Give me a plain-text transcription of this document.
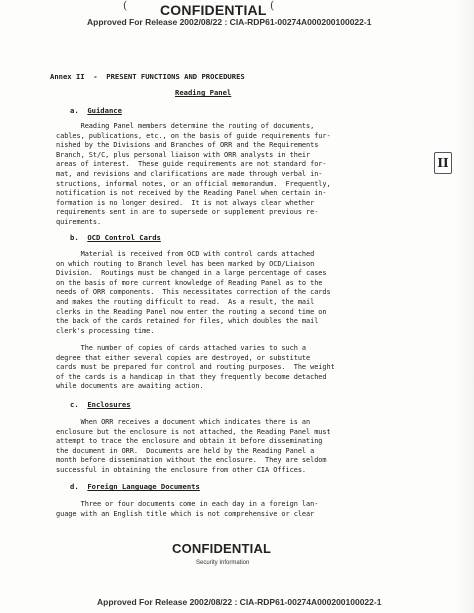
(	(
CONFIDENTIAL
Approved For Release 2002/08/22 : CIA-RDP61-00274A000200100022-1
Annex II  -  PRESENT FUNCTIONS AND PROCEDURES
Reading Panel
a. Guidance
Reading Panel members determine the routing of documents,
cables, publications, etc., on the basis of guide requirements fur-
nished by the Divisions and Branches of ORR and the Requirements
Branch, St/C, plus personal liaison with ORR analysts in their
areas of interest.  These guide requirements are not standard for-
mat, and revisions and clarifications are made through verbal in-
structions, informal notes, or an official memorandum.  Frequently,
notification is not received by the Reading Panel when certain in-
formation is no longer desired.  It is not always clear whether
requirements sent in are to supersede or supplement previous re-
quirements.
II
b. OCD Control Cards
Material is received from OCD with control cards attached
on which routing to Branch level has been marked by OCD/Liaison
Division.  Routings must be changed in a large percentage of cases
on the basis of more current knowledge of Reading Panel as to the
needs of ORR components.  This necessitates correction of the cards
and makes the routing difficult to read.  As a result, the mail
clerks in the Reading Panel now enter the routing a second time on
the back of the cards retained for files, which doubles the mail
clerk's processing time.
The number of copies of cards attached varies to such a
degree that either several copies are destroyed, or substitute
cards must be prepared for control and routing purposes.  The weight
of the cards is a handicap in that they frequently become detached
while documents are awaiting action.
c. Enclosures
When ORR receives a document which indicates there is an
enclosure but the enclosure is not attached, the Reading Panel must
attempt to trace the enclosure and obtain it before disseminating
the document in ORR.  Documents are held by the Reading Panel a
month before dissemination without the enclosure.  They are seldom
successful in obtaining the enclosure from other CIA Offices.
d. Foreign Language Documents
Three or four documents come in each day in a foreign lan-
guage with an English title which is not comprehensive or clear
CONFIDENTIAL
Security Information
Approved For Release 2002/08/22 : CIA-RDP61-00274A000200100022-1
